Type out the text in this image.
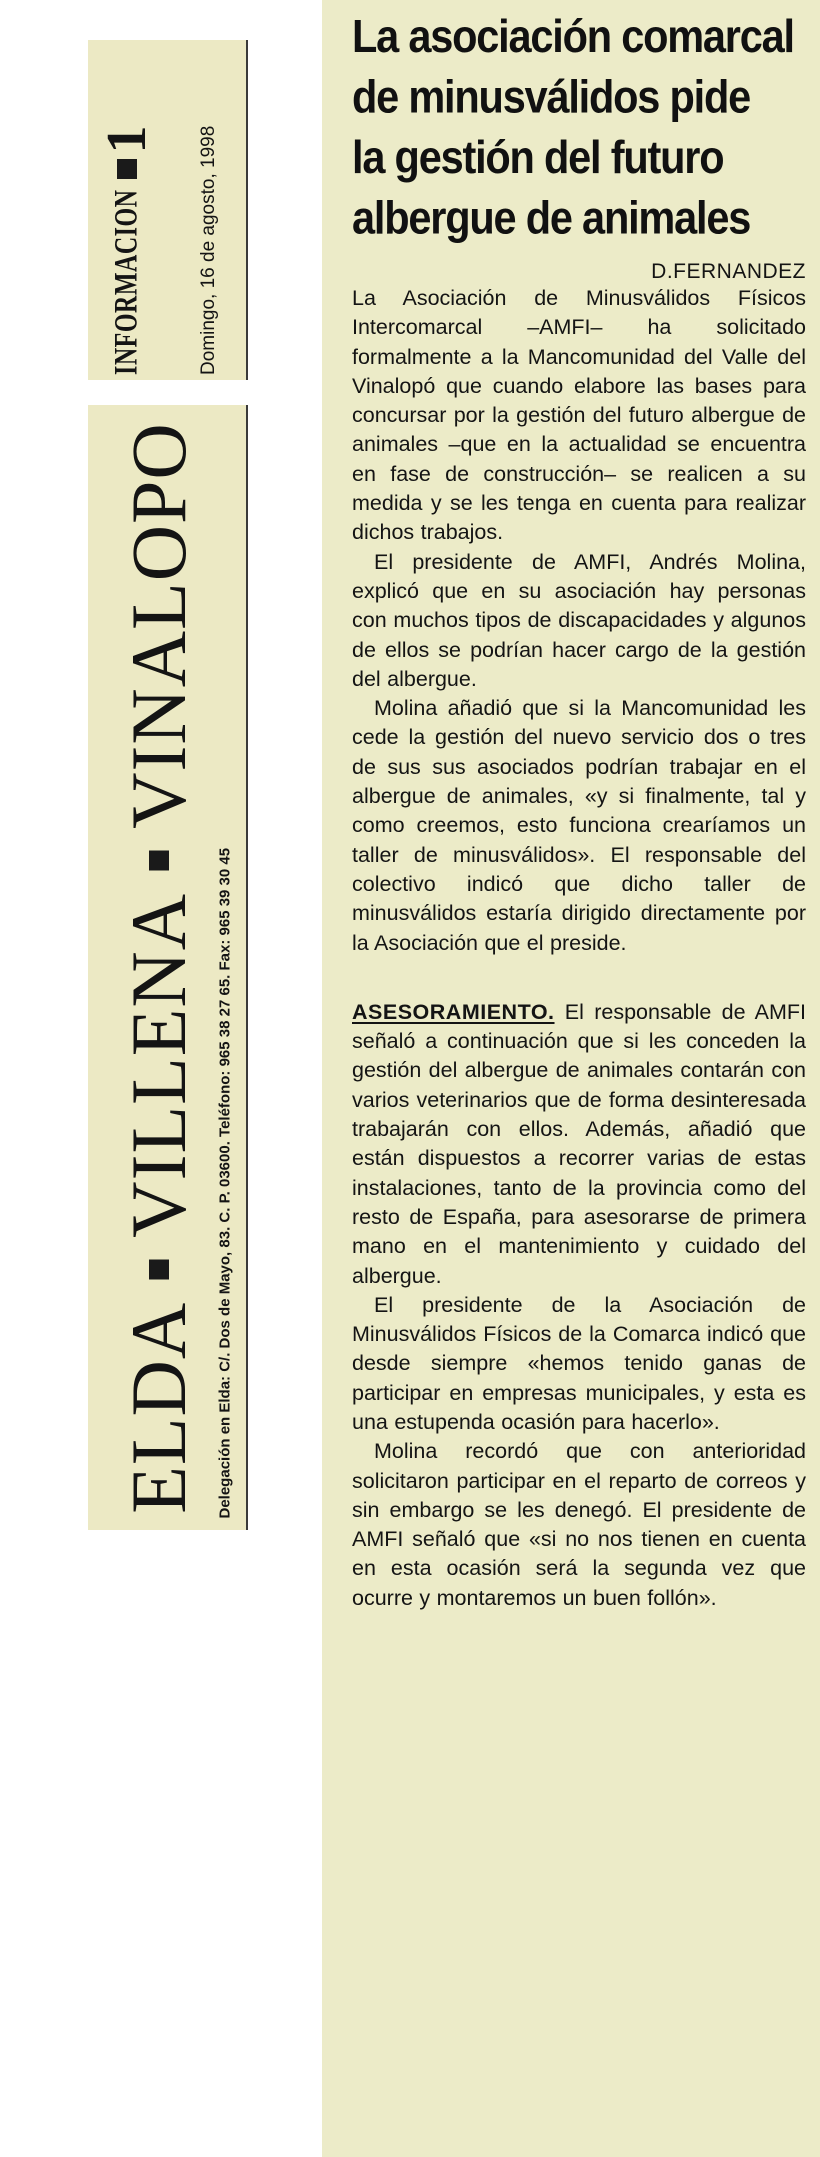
INFORMACION
1 Domingo, 16 de agosto, 1998
ELDA
VILLENA
VINALOPO
Delegación en Elda: C/. Dos de Mayo, 83. C. P. 03600. Teléfono: 965 38 27 65. Fax: 965 39 30 45
La asociación comarcal
de minusválidos pide
la gestión del futuro
albergue de animales
D.FERNANDEZ

La Asociación de Minusválidos Físicos Intercomarcal –AMFI– ha solicitado formalmente a la Mancomunidad del Valle del Vinalopó que cuando elabore las bases para concursar por la gestión del futuro albergue de animales –que en la actualidad se encuentra en fase de construcción– se realicen a su medida y se les tenga en cuenta para realizar dichos trabajos.

El presidente de AMFI, Andrés Molina, explicó que en su asociación hay personas con muchos tipos de discapacidades y algunos de ellos se podrían hacer cargo de la gestión del albergue.

Molina añadió que si la Mancomunidad les cede la gestión del nuevo servicio dos o tres de sus sus asociados podrían trabajar en el albergue de animales, «y si finalmente, tal y como creemos, esto funciona crearíamos un taller de minusválidos». El responsable del colectivo indicó que dicho taller de minusválidos estaría dirigido directamente por la Asociación que el preside.

ASESORAMIENTO. El responsable de AMFI señaló a continuación que si les conceden la gestión del albergue de animales contarán con varios veterinarios que de forma desinteresada trabajarán con ellos. Además, añadió que están dispuestos a recorrer varias de estas instalaciones, tanto de la provincia como del resto de España, para asesorarse de primera mano en el mantenimiento y cuidado del albergue.

El presidente de la Asociación de Minusválidos Físicos de la Comarca indicó que desde siempre «hemos tenido ganas de participar en empresas municipales, y esta es una estupenda ocasión para hacerlo».

Molina recordó que con anterioridad solicitaron participar en el reparto de correos y sin embargo se les denegó. El presidente de AMFI señaló que «si no nos tienen en cuenta en esta ocasión será la segunda vez que ocurre y montaremos un buen follón».
